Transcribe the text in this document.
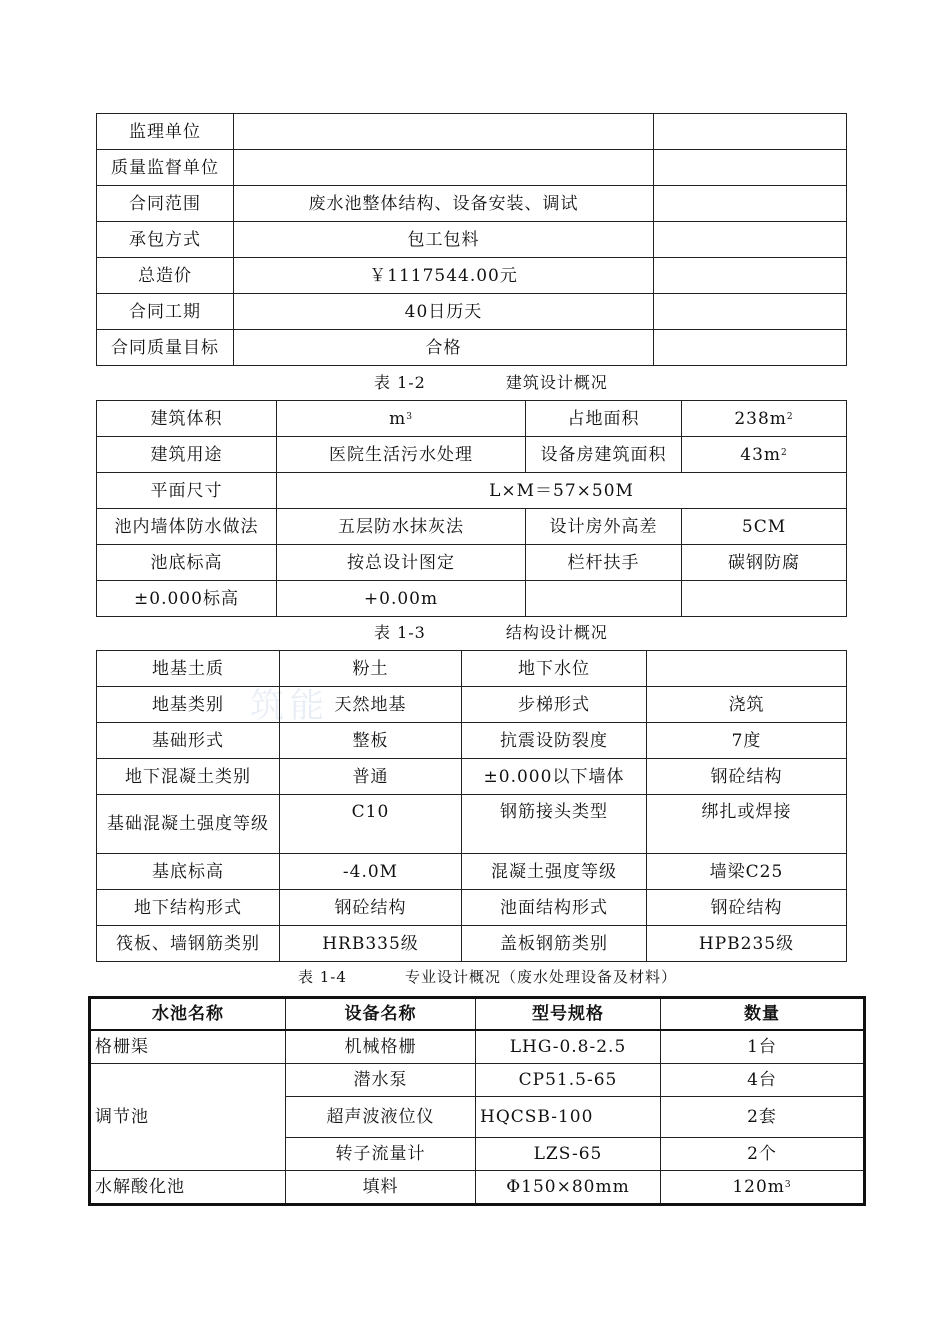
监理单位		
质量监督单位		
合同范围	废水池整体结构、设备安装、调试	
承包方式	包工包料	
总造价	￥1117544.00元	
合同工期	40日历天	
合同质量目标	合格	
表 1-2	建筑设计概况
建筑体积	$m^3$	占地面积	$238m^2$
建筑用途	医院生活污水处理	设备房建筑面积	$43m^2$
平面尺寸	L×M＝57×50M		
池内墙体防水做法	五层防水抹灰法	设计房外高差	5CM
池底标高	按总设计图定	栏杆扶手	碳钢防腐
±0.000标高	+0.00m		
表 1-3	结构设计概况
筑能
地基土质	粉土	地下水位	
地基类别	天然地基	步梯形式	浇筑
基础形式	整板	抗震设防裂度	7度
地下混凝土类别	普通	±0.000以下墙体	钢砼结构
基础混凝土强度等级	C10	钢筋接头类型	绑扎或焊接
基底标高	-4.0M	混凝土强度等级	墙梁C25
地下结构形式	钢砼结构	池面结构形式	钢砼结构
筏板、墙钢筋类别	HRB335级	盖板钢筋类别	HPB235级
表 1-4	专业设计概况（废水处理设备及材料）
水池名称	设备名称	型号规格	数量
格栅渠	机械格栅	LHG-0.8-2.5	1台
调节池	潜水泵	CP51.5-65	4台
	超声波液位仪	HQCSB-100	2套
	转子流量计	LZS-65	2个
水解酸化池	填料	Φ150×80mm	$120m^3$
